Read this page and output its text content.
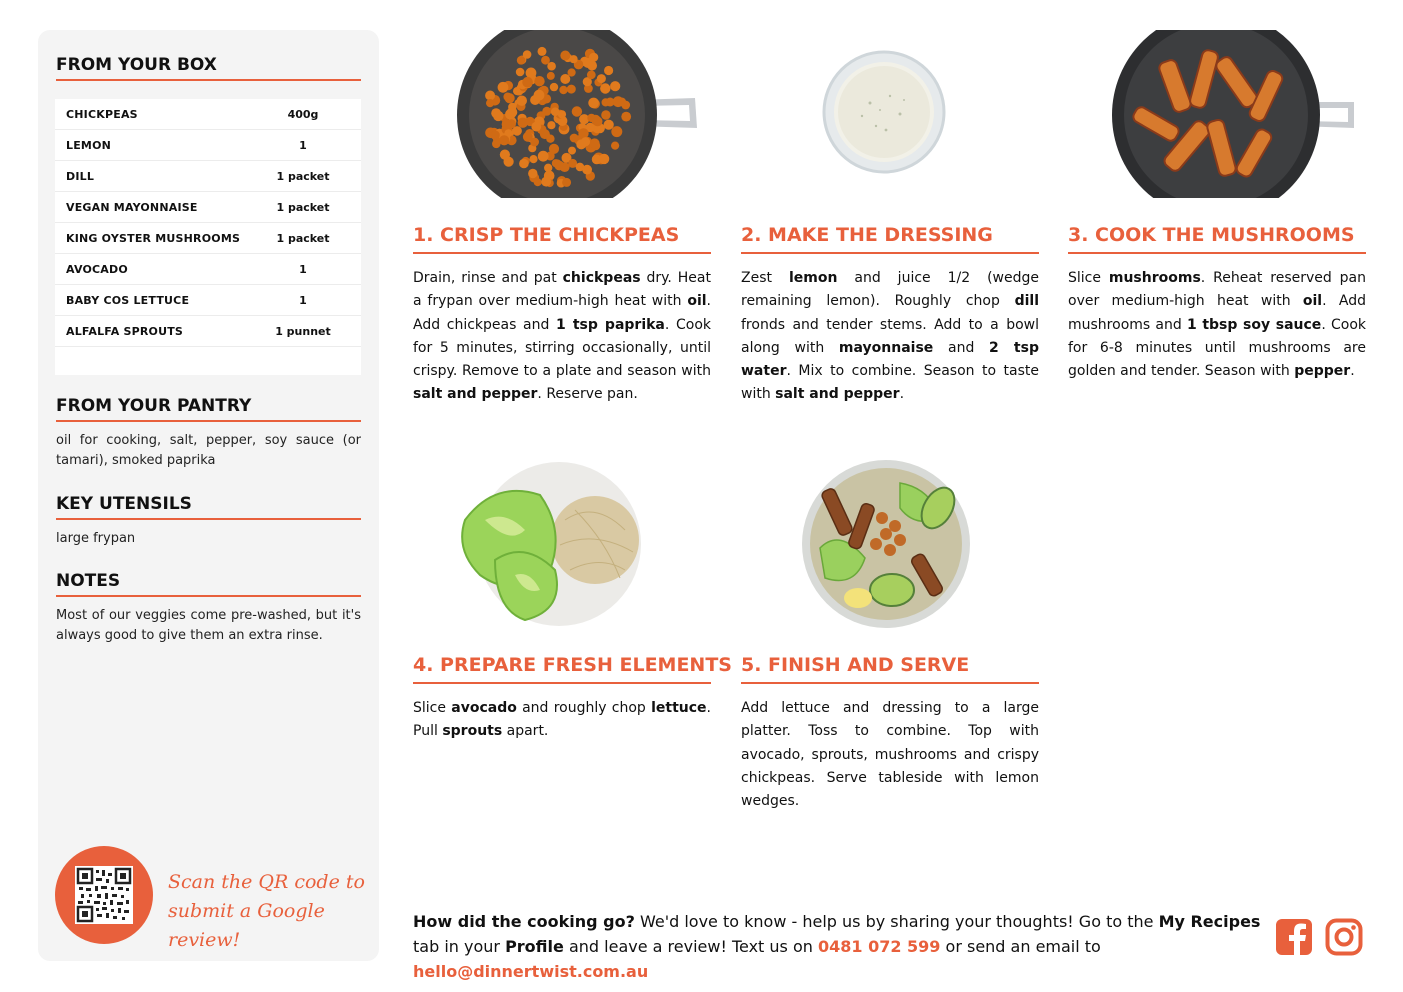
FROM YOUR BOX
CHICKPEAS	400g
LEMON	1
DILL	1 packet
VEGAN MAYONNAISE	1 packet
KING OYSTER MUSHROOMS	1 packet
AVOCADO	1
BABY COS LETTUCE	1
ALFALFA SPROUTS	1 punnet
FROM YOUR PANTRY
oil for cooking, salt, pepper, soy sauce (or tamari), smoked paprika
KEY UTENSILS
large frypan
NOTES
Most of our veggies come pre-washed, but it's always good to give them an extra rinse.
Scan the QR code to
submit a Google review!
1. CRISP THE CHICKPEAS
Drain, rinse and pat chickpeas dry. Heat a frypan over medium-high heat with oil. Add chickpeas and 1 tsp paprika. Cook for 5 minutes, stirring occasionally, until crispy. Remove to a plate and season with salt and pepper. Reserve pan.
2. MAKE THE DRESSING
Zest lemon and juice 1/2 (wedge remaining lemon). Roughly chop dill fronds and tender stems. Add to a bowl along with mayonnaise and 2 tsp water. Mix to combine. Season to taste with salt and pepper.
3. COOK THE MUSHROOMS
Slice mushrooms. Reheat reserved pan over medium-high heat with oil. Add mushrooms and 1 tbsp soy sauce. Cook for 6-8 minutes until mushrooms are golden and tender. Season with pepper.
4. PREPARE FRESH ELEMENTS
Slice avocado and roughly chop lettuce. Pull sprouts apart.
5. FINISH AND SERVE
Add lettuce and dressing to a large platter. Toss to combine. Top with avocado, sprouts, mushrooms and crispy chickpeas. Serve tableside with lemon wedges.
How did the cooking go? We'd love to know - help us by sharing your thoughts! Go to the My Recipes tab in your Profile and leave a review! Text us on 0481 072 599 or send an email to hello@dinnertwist.com.au
